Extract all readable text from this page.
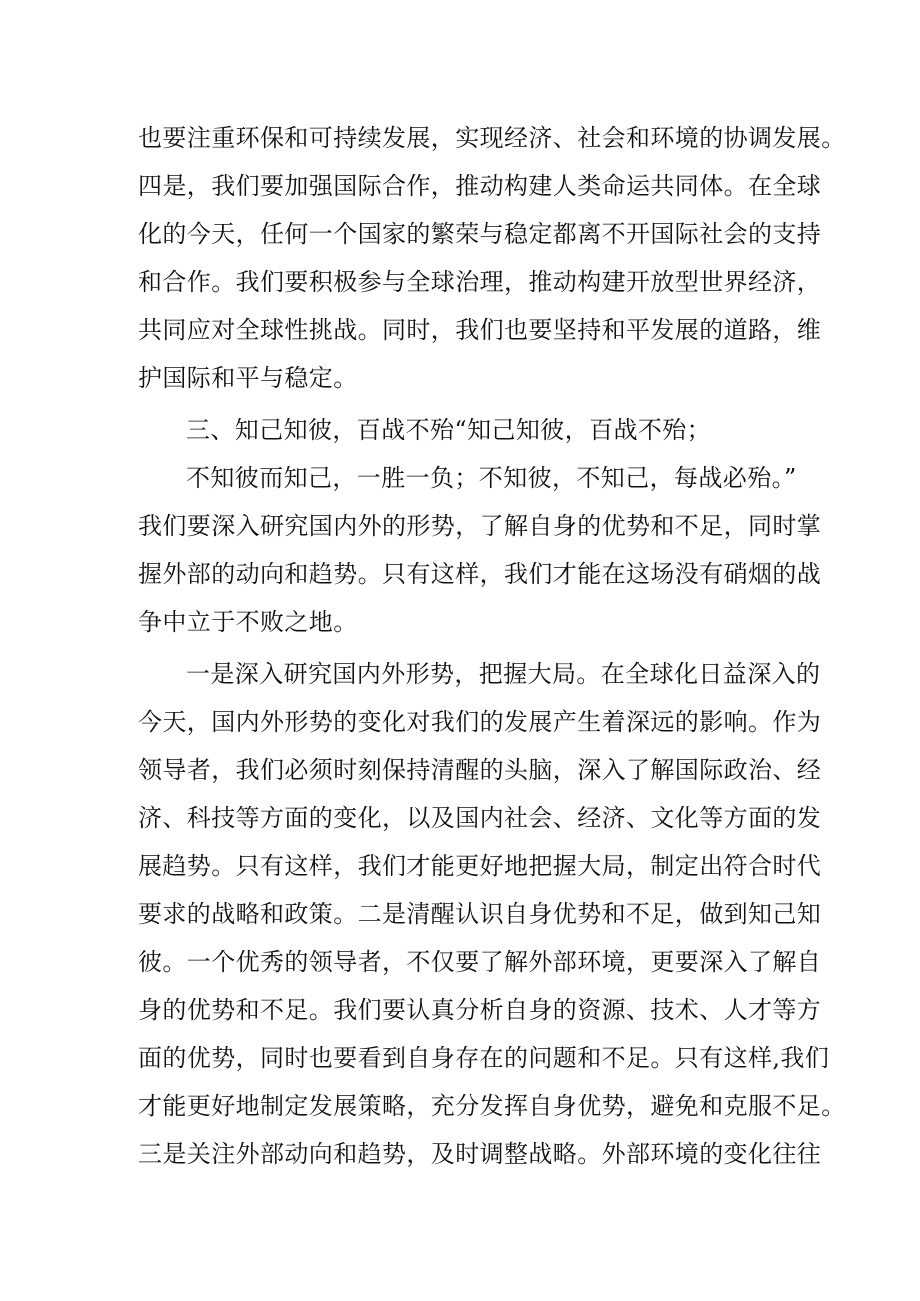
也要注重环保和可持续发展，实现经济、社会和环境的协调发展。
四是，我们要加强国际合作，推动构建人类命运共同体。在全球
化的今天，任何一个国家的繁荣与稳定都离不开国际社会的支持
和合作。我们要积极参与全球治理，推动构建开放型世界经济，
共同应对全球性挑战。同时，我们也要坚持和平发展的道路，维
护国际和平与稳定。
三、知己知彼，百战不殆“知己知彼，百战不殆；
不知彼而知己，一胜一负；不知彼，不知己，每战必殆。”
我们要深入研究国内外的形势，了解自身的优势和不足，同时掌
握外部的动向和趋势。只有这样，我们才能在这场没有硝烟的战
争中立于不败之地。
一是深入研究国内外形势，把握大局。在全球化日益深入的
今天，国内外形势的变化对我们的发展产生着深远的影响。作为
领导者，我们必须时刻保持清醒的头脑，深入了解国际政治、经
济、科技等方面的变化，以及国内社会、经济、文化等方面的发
展趋势。只有这样，我们才能更好地把握大局，制定出符合时代
要求的战略和政策。二是清醒认识自身优势和不足，做到知己知
彼。一个优秀的领导者，不仅要了解外部环境，更要深入了解自
身的优势和不足。我们要认真分析自身的资源、技术、人才等方
面的优势，同时也要看到自身存在的问题和不足。只有这样,我们
才能更好地制定发展策略，充分发挥自身优势，避免和克服不足。
三是关注外部动向和趋势，及时调整战略。外部环境的变化往往
